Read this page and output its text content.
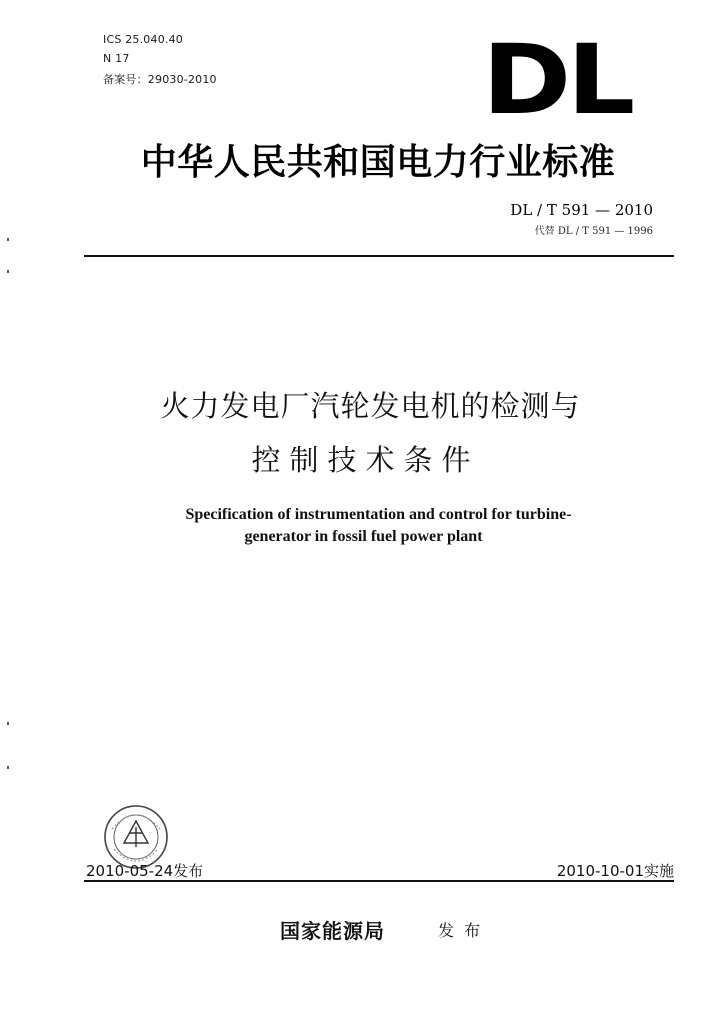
ICS 25.040.40
N 17
备案号：29030-2010	DL
中华人民共和国电力行业标准
DL / T 591 — 2010
代替 DL / T 591 — 1996
火力发电厂汽轮发电机的检测与
控制技术条件
Specification of instrumentation and control for turbine-
generator in fossil fuel power plant
2010-05-24发布	2010-10-01实施
国家能源局	发布
